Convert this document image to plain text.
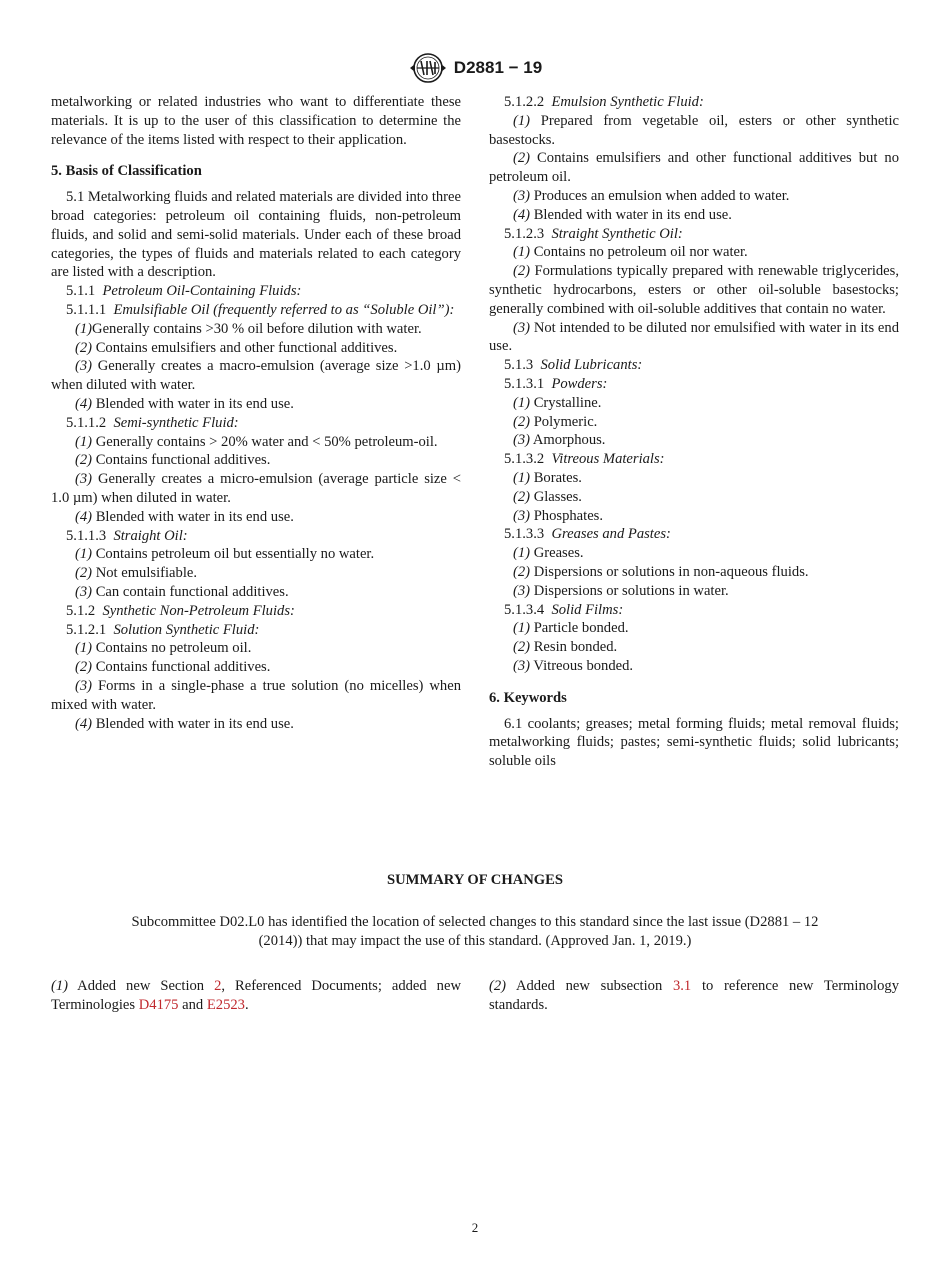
D2881 − 19

metalworking or related industries who want to differentiate these materials. It is up to the user of this classification to determine the relevance of the items listed with respect to their application.

5. Basis of Classification

5.1 Metalworking fluids and related materials are divided into three broad categories: petroleum oil containing fluids, non-petroleum fluids, and solid and semi-solid materials. Under each of these broad categories, the types of fluids and materials related to each category are listed with a description.

5.1.1 Petroleum Oil-Containing Fluids:

5.1.1.1 Emulsifiable Oil (frequently referred to as “Soluble Oil”):

(1)Generally contains >30 % oil before dilution with water.

(2) Contains emulsifiers and other functional additives.

(3) Generally creates a macro-emulsion (average size >1.0 µm) when diluted with water.

(4) Blended with water in its end use.

5.1.1.2 Semi-synthetic Fluid:

(1) Generally contains > 20% water and < 50% petroleum-oil.

(2) Contains functional additives.

(3) Generally creates a micro-emulsion (average particle size < 1.0 µm) when diluted in water.

(4) Blended with water in its end use.

5.1.1.3 Straight Oil:

(1) Contains petroleum oil but essentially no water.

(2) Not emulsifiable.

(3) Can contain functional additives.

5.1.2 Synthetic Non-Petroleum Fluids:

5.1.2.1 Solution Synthetic Fluid:

(1) Contains no petroleum oil.

(2) Contains functional additives.

(3) Forms in a single-phase a true solution (no micelles) when mixed with water.

(4) Blended with water in its end use.

5.1.2.2 Emulsion Synthetic Fluid:

(1) Prepared from vegetable oil, esters or other synthetic basestocks.

(2) Contains emulsifiers and other functional additives but no petroleum oil.

(3) Produces an emulsion when added to water.

(4) Blended with water in its end use.

5.1.2.3 Straight Synthetic Oil:

(1) Contains no petroleum oil nor water.

(2) Formulations typically prepared with renewable triglycerides, synthetic hydrocarbons, esters or other oil-soluble basestocks; generally combined with oil-soluble additives that contain no water.

(3) Not intended to be diluted nor emulsified with water in its end use.

5.1.3 Solid Lubricants:

5.1.3.1 Powders:

(1) Crystalline.

(2) Polymeric.

(3) Amorphous.

5.1.3.2 Vitreous Materials:

(1) Borates.

(2) Glasses.

(3) Phosphates.

5.1.3.3 Greases and Pastes:

(1) Greases.

(2) Dispersions or solutions in non-aqueous fluids.

(3) Dispersions or solutions in water.

5.1.3.4 Solid Films:

(1) Particle bonded.

(2) Resin bonded.

(3) Vitreous bonded.

6. Keywords

6.1 coolants; greases; metal forming fluids; metal removal fluids; metalworking fluids; pastes; semi-synthetic fluids; solid lubricants; soluble oils

SUMMARY OF CHANGES
Subcommittee D02.L0 has identified the location of selected changes to this standard since the last issue (D2881 – 12 (2014)) that may impact the use of this standard. (Approved Jan. 1, 2019.)
(1) Added new Section 2, Referenced Documents; added new Terminologies D4175 and E2523.
(2) Added new subsection 3.1 to reference new Terminology standards.
2
